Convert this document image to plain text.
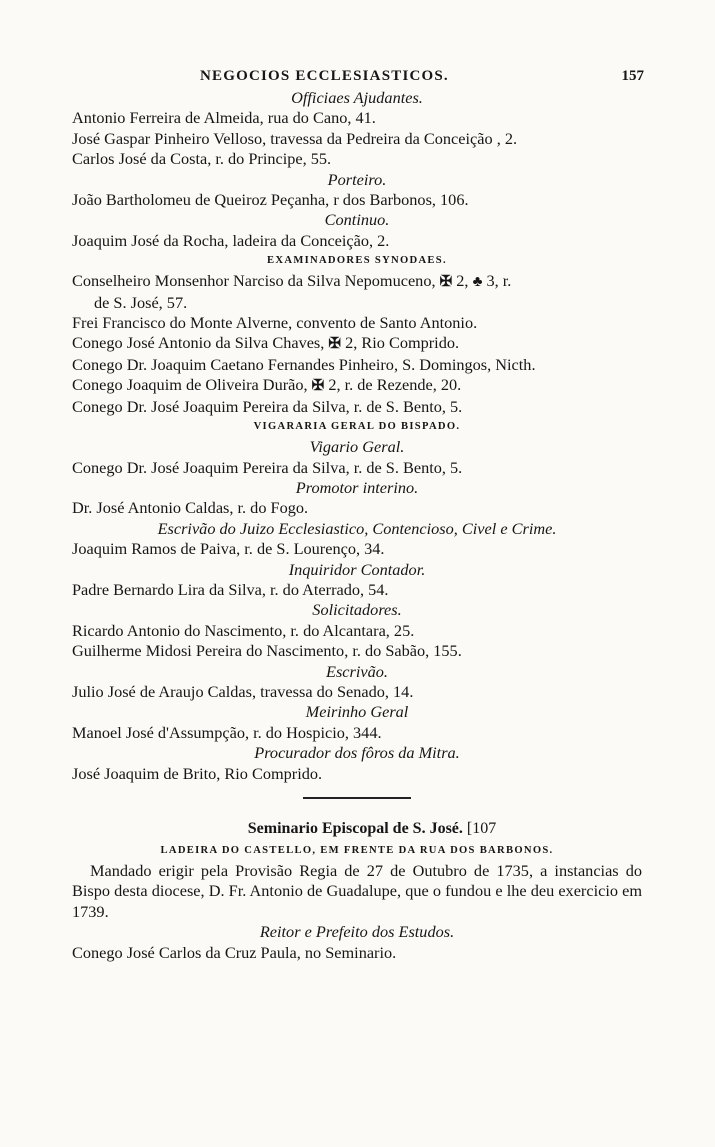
NEGOCIOS ECCLESIASTICOS.	157
Officiaes Ajudantes.
Antonio Ferreira de Almeida, rua do Cano, 41.
José Gaspar Pinheiro Velloso, travessa da Pedreira da Conceição , 2.
Carlos José da Costa, r. do Principe, 55.
Porteiro.
João Bartholomeu de Queiroz Peçanha, r dos Barbonos, 106.
Continuo.
Joaquim José da Rocha, ladeira da Conceição, 2.
EXAMINADORES SYNODAES.
Conselheiro Monsenhor Narciso da Silva Nepomuceno, ✠ 2, ♣ 3, r.
de S. José, 57.
Frei Francisco do Monte Alverne, convento de Santo Antonio.
Conego José Antonio da Silva Chaves, ✠ 2, Rio Comprido.
Conego Dr. Joaquim Caetano Fernandes Pinheiro, S. Domingos, Nicth.
Conego Joaquim de Oliveira Durão, ✠ 2, r. de Rezende, 20.
Conego Dr. José Joaquim Pereira da Silva, r. de S. Bento, 5.
VIGARARIA GERAL DO BISPADO.
Vigario Geral.
Conego Dr. José Joaquim Pereira da Silva, r. de S. Bento, 5.
Promotor interino.
Dr. José Antonio Caldas, r. do Fogo.
Escrivão do Juizo Ecclesiastico, Contencioso, Civel e Crime.
Joaquim Ramos de Paiva, r. de S. Lourenço, 34.
Inquiridor Contador.
Padre Bernardo Lira da Silva, r. do Aterrado, 54.
Solicitadores.
Ricardo Antonio do Nascimento, r. do Alcantara, 25.
Guilherme Midosi Pereira do Nascimento, r. do Sabão, 155.
Escrivão.
Julio José de Araujo Caldas, travessa do Senado, 14.
Meirinho Geral
Manoel José d'Assumpção, r. do Hospicio, 344.
Procurador dos fôros da Mitra.
José Joaquim de Brito, Rio Comprido.
Seminario Episcopal de S. José. [107
LADEIRA DO CASTELLO, EM FRENTE DA RUA DOS BARBONOS.
Mandado erigir pela Provisão Regia de 27 de Outubro de 1735, a instancias do Bispo desta diocese, D. Fr. Antonio de Guadalupe, que o fundou e lhe deu exercicio em 1739.
Reitor e Prefeito dos Estudos.
Conego José Carlos da Cruz Paula, no Seminario.
